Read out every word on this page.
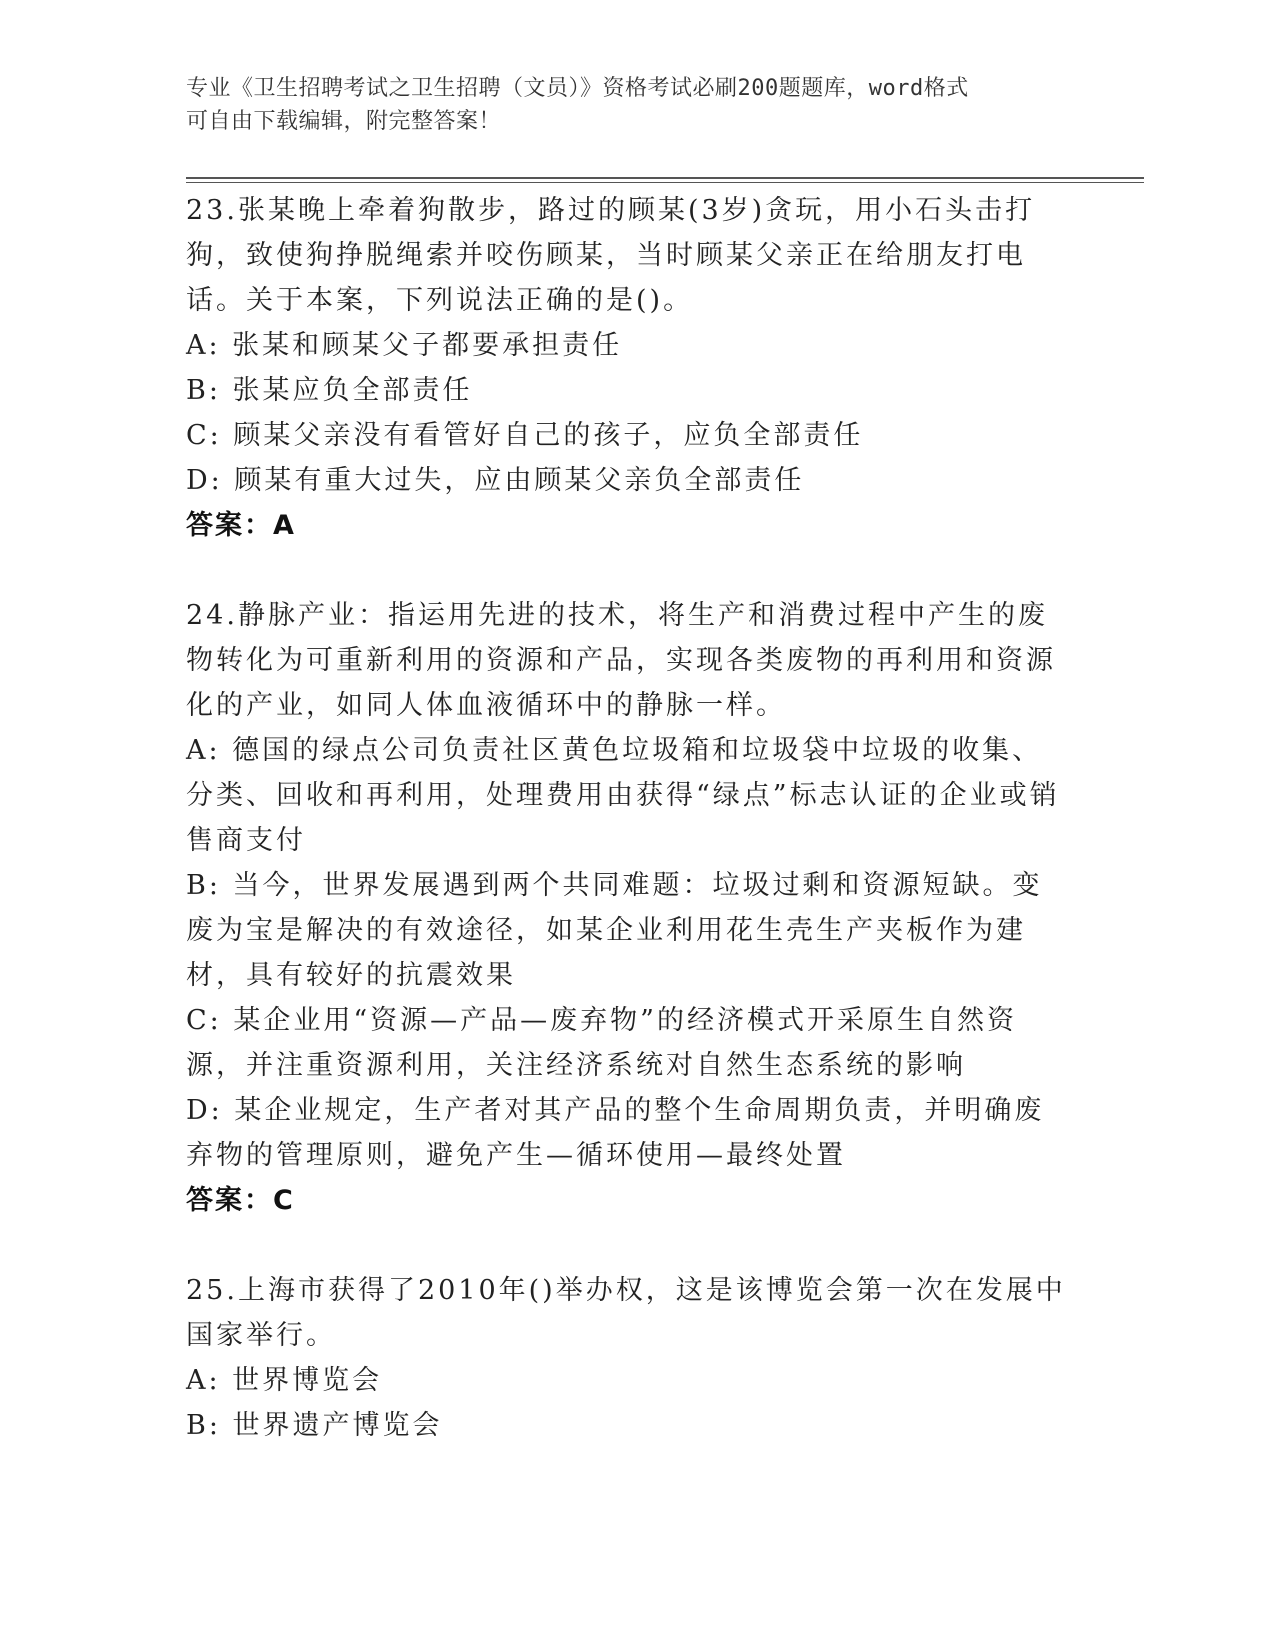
专业《卫生招聘考试之卫生招聘（文员）》资格考试必刷200题题库，word格式
可自由下载编辑，附完整答案！

23.张某晚上牵着狗散步，路过的顾某(3岁)贪玩，用小石头击打狗，致使狗挣脱绳索并咬伤顾某，当时顾某父亲正在给朋友打电话。关于本案，下列说法正确的是()。

A: 张某和顾某父子都要承担责任

B: 张某应负全部责任

C: 顾某父亲没有看管好自己的孩子，应负全部责任

D: 顾某有重大过失，应由顾某父亲负全部责任

答案：A

24.静脉产业：指运用先进的技术，将生产和消费过程中产生的废物转化为可重新利用的资源和产品，实现各类废物的再利用和资源化的产业，如同人体血液循环中的静脉一样。

A: 德国的绿点公司负责社区黄色垃圾箱和垃圾袋中垃圾的收集、分类、回收和再利用，处理费用由获得“绿点”标志认证的企业或销售商支付

B: 当今，世界发展遇到两个共同难题：垃圾过剩和资源短缺。变废为宝是解决的有效途径，如某企业利用花生壳生产夹板作为建材，具有较好的抗震效果

C: 某企业用“资源—产品—废弃物”的经济模式开采原生自然资源，并注重资源利用，关注经济系统对自然生态系统的影响

D: 某企业规定，生产者对其产品的整个生命周期负责，并明确废弃物的管理原则，避免产生—循环使用—最终处置

答案：C

25.上海市获得了2010年()举办权，这是该博览会第一次在发展中国家举行。

A: 世界博览会

B: 世界遗产博览会
